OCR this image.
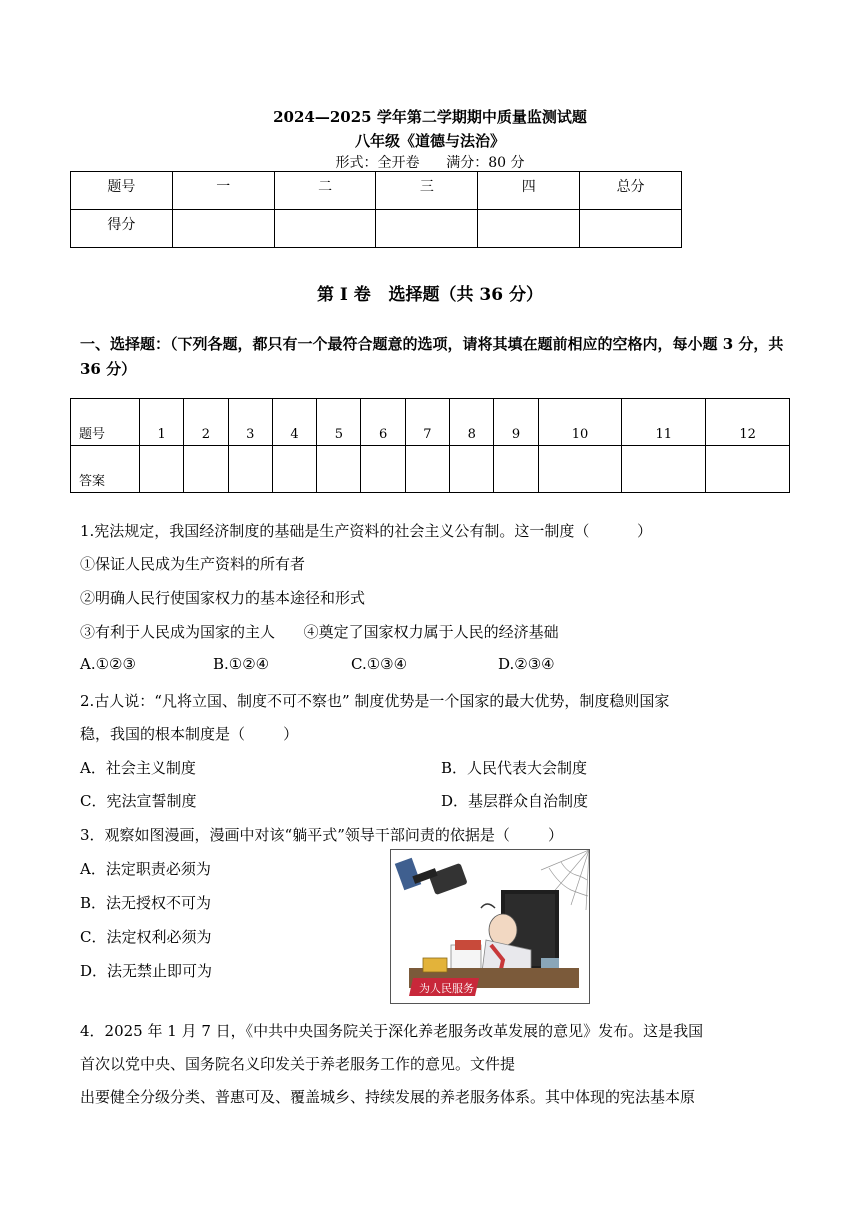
2024—2025 学年第二学期期中质量监测试题
八年级《道德与法治》
形式：全开卷      满分：80 分
题号	一	二	三	四	总分
得分					
第 I 卷   选择题（共 36 分）
一、选择题：（下列各题，都只有一个最符合题意的选项，请将其填在题前相应的空格内，每小题 3 分，共 36 分）
题号	1	2	3	4	5	6	7	8	9	10	11	12
答案												
1.宪法规定，我国经济制度的基础是生产资料的社会主义公有制。这一制度（          ）
①保证人民成为生产资料的所有者
②明确人民行使国家权力的基本途径和形式
③有利于人民成为国家的主人      ④奠定了国家权力属于人民的经济基础
A.①②③	B.①②④	C.①③④	D.②③④
2.古人说：“凡将立国、制度不可不察也” 制度优势是一个国家的最大优势，制度稳则国家
稳，我国的根本制度是（        ）
A．社会主义制度	B．人民代表大会制度
C．宪法宣誓制度	D．基层群众自治制度
3．观察如图漫画，漫画中对该“躺平式”领导干部问责的依据是（        ）
A．法定职责必须为
B．法无授权不可为
C．法定权利必须为
D．法无禁止即可为
为人民服务
4．2025 年 1 月 7 日，《中共中央国务院关于深化养老服务改革发展的意见》发布。这是我国
首次以党中央、国务院名义印发关于养老服务工作的意见。文件提
出要健全分级分类、普惠可及、覆盖城乡、持续发展的养老服务体系。其中体现的宪法基本原
